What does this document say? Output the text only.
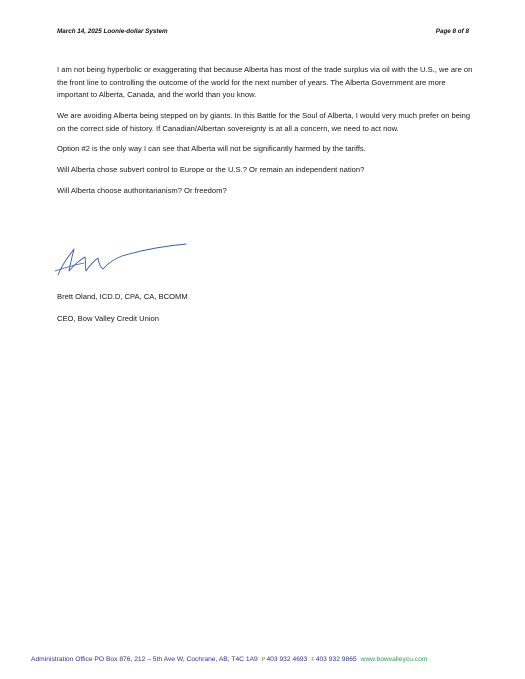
March 14, 2025 Loonie-dollar System	Page 8 of 8

I am not being hyperbolic or exaggerating that because Alberta has most of the trade surplus via oil with the U.S., we are on the front line to controlling the outcome of the world for the next number of years. The Alberta Government are more important to Alberta, Canada, and the world than you know.

We are avoiding Alberta being stepped on by giants. In this Battle for the Soul of Alberta, I would very much prefer on being on the correct side of history. If Canadian/Albertan sovereignty is at all a concern, we need to act now.

Option #2 is the only way I can see that Alberta will not be significantly harmed by the tariffs.

Will Alberta chose subvert control to Europe or the U.S.? Or remain an independent nation?

Will Alberta choose authoritarianism? Or freedom?

Brett Oland, ICD.D, CPA, CA, BCOMM
CEO, Bow Valley Credit Union
Administration Office PO Box 876, 212 – 5th Ave W, Cochrane, AB, T4C 1A9 P403 932 4693 F403 932 9865 www.bowvalleycu.com
